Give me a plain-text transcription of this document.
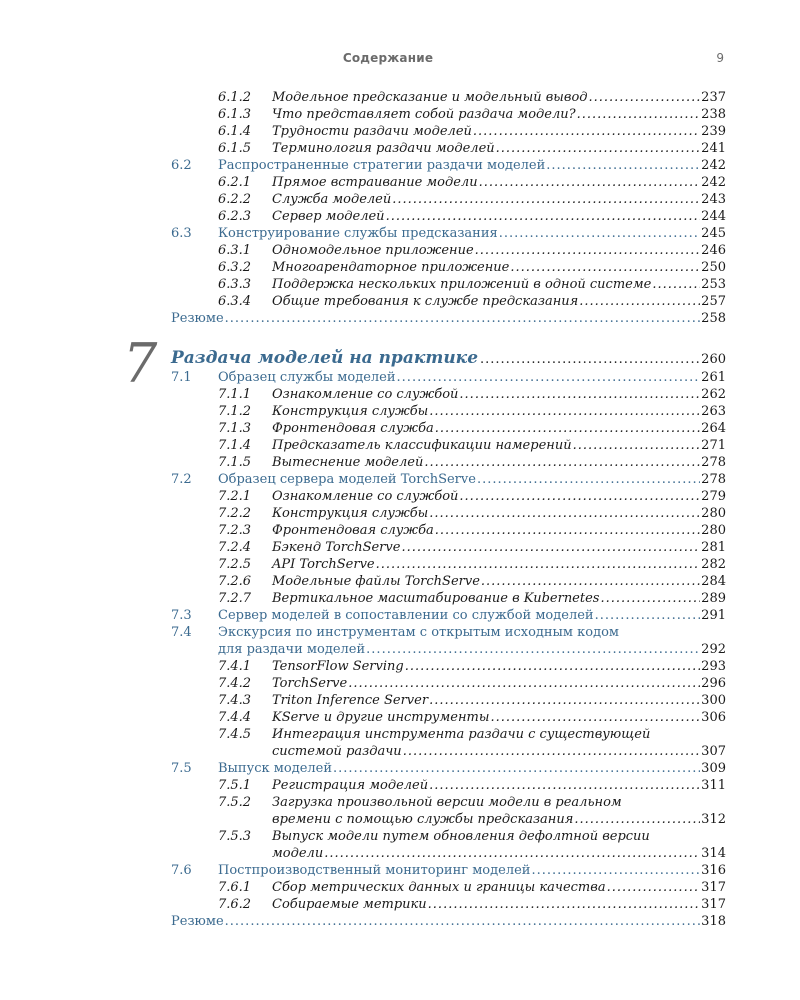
Содержание	9
6.1.2 Модельное предсказание и модельный вывод .....	237
6.1.3 Что представляет собой раздача модели? .....	238
6.1.4 Трудности раздачи моделей .....	239
6.1.5 Терминология раздачи моделей .....	241
6.2 Распространенные стратегии раздачи моделей .....	242
6.2.1 Прямое встраивание модели .....	242
6.2.2 Служба моделей .....	243
6.2.3 Сервер моделей .....	244
6.3 Конструирование службы предсказания .....	245
6.3.1 Одномодельное приложение .....	246
6.3.2 Многоарендаторное приложение .....	250
6.3.3 Поддержка нескольких приложений в одной системе .....	253
6.3.4 Общие требования к службе предсказания .....	257
Резюме .....	258
7 Раздача моделей на практике .....	260
7.1 Образец службы моделей .....	261
7.1.1 Ознакомление со службой .....	262
7.1.2 Конструкция службы .....	263
7.1.3 Фронтендовая служба .....	264
7.1.4 Предсказатель классификации намерений .....	271
7.1.5 Вытеснение моделей .....	278
7.2 Образец сервера моделей TorchServe .....	278
7.2.1 Ознакомление со службой .....	279
7.2.2 Конструкция службы .....	280
7.2.3 Фронтендовая служба .....	280
7.2.4 Бэкенд TorchServe .....	281
7.2.5 API TorchServe .....	282
7.2.6 Модельные файлы TorchServe .....	284
7.2.7 Вертикальное масштабирование в Kubernetes .....	289
7.3 Сервер моделей в сопоставлении со службой моделей .....	291
7.4 Экскурсия по инструментам с открытым исходным кодом
для раздачи моделей .....	292
7.4.1 TensorFlow Serving .....	293
7.4.2 TorchServe .....	296
7.4.3 Triton Inference Server .....	300
7.4.4 KServe и другие инструменты .....	306
7.4.5 Интеграция инструмента раздачи с существующей
системой раздачи .....	307
7.5 Выпуск моделей .....	309
7.5.1 Регистрация моделей .....	311
7.5.2 Загрузка произвольной версии модели в реальном
времени с помощью службы предсказания .....	312
7.5.3 Выпуск модели путем обновления дефолтной версии
модели .....	314
7.6 Постпроизводственный мониторинг моделей .....	316
7.6.1 Сбор метрических данных и границы качества .....	317
7.6.2 Собираемые метрики .....	317
Резюме .....	318
